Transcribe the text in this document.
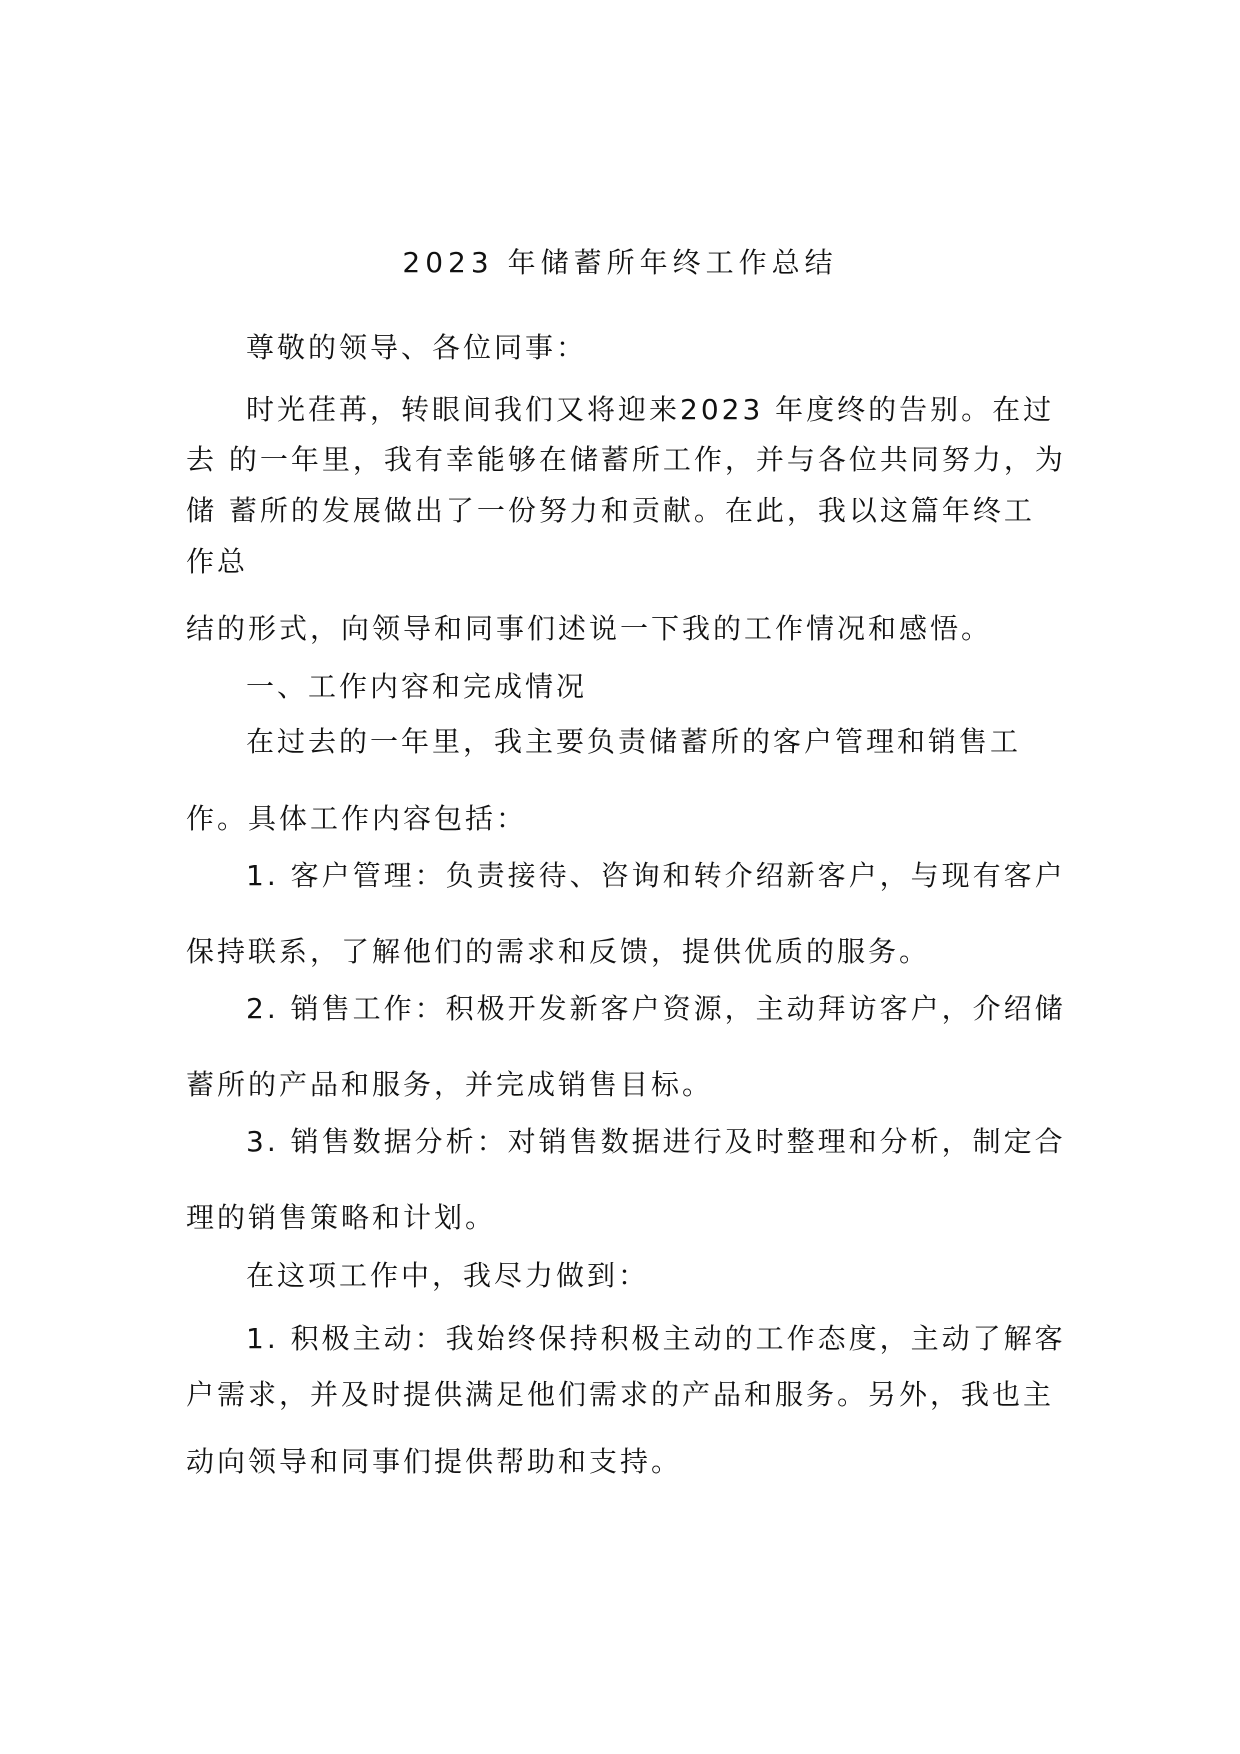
2023 年储蓄所年终工作总结
尊敬的领导、各位同事：
时光荏苒，转眼间我们又将迎来2023 年度终的告别。在过
去 的一年里，我有幸能够在储蓄所工作，并与各位共同努力，为
储 蓄所的发展做出了一份努力和贡献。在此，我以这篇年终工
作总
结的形式，向领导和同事们述说一下我的工作情况和感悟。
一、工作内容和完成情况
在过去的一年里，我主要负责储蓄所的客户管理和销售工
作。具体工作内容包括：
1. 客户管理：负责接待、咨询和转介绍新客户，与现有客户
保持联系，了解他们的需求和反馈，提供优质的服务。
2. 销售工作：积极开发新客户资源，主动拜访客户，介绍储
蓄所的产品和服务，并完成销售目标。
3. 销售数据分析：对销售数据进行及时整理和分析，制定合
理的销售策略和计划。
在这项工作中，我尽力做到：
1. 积极主动：我始终保持积极主动的工作态度，主动了解客
户需求，并及时提供满足他们需求的产品和服务。另外，我也主
动向领导和同事们提供帮助和支持。
